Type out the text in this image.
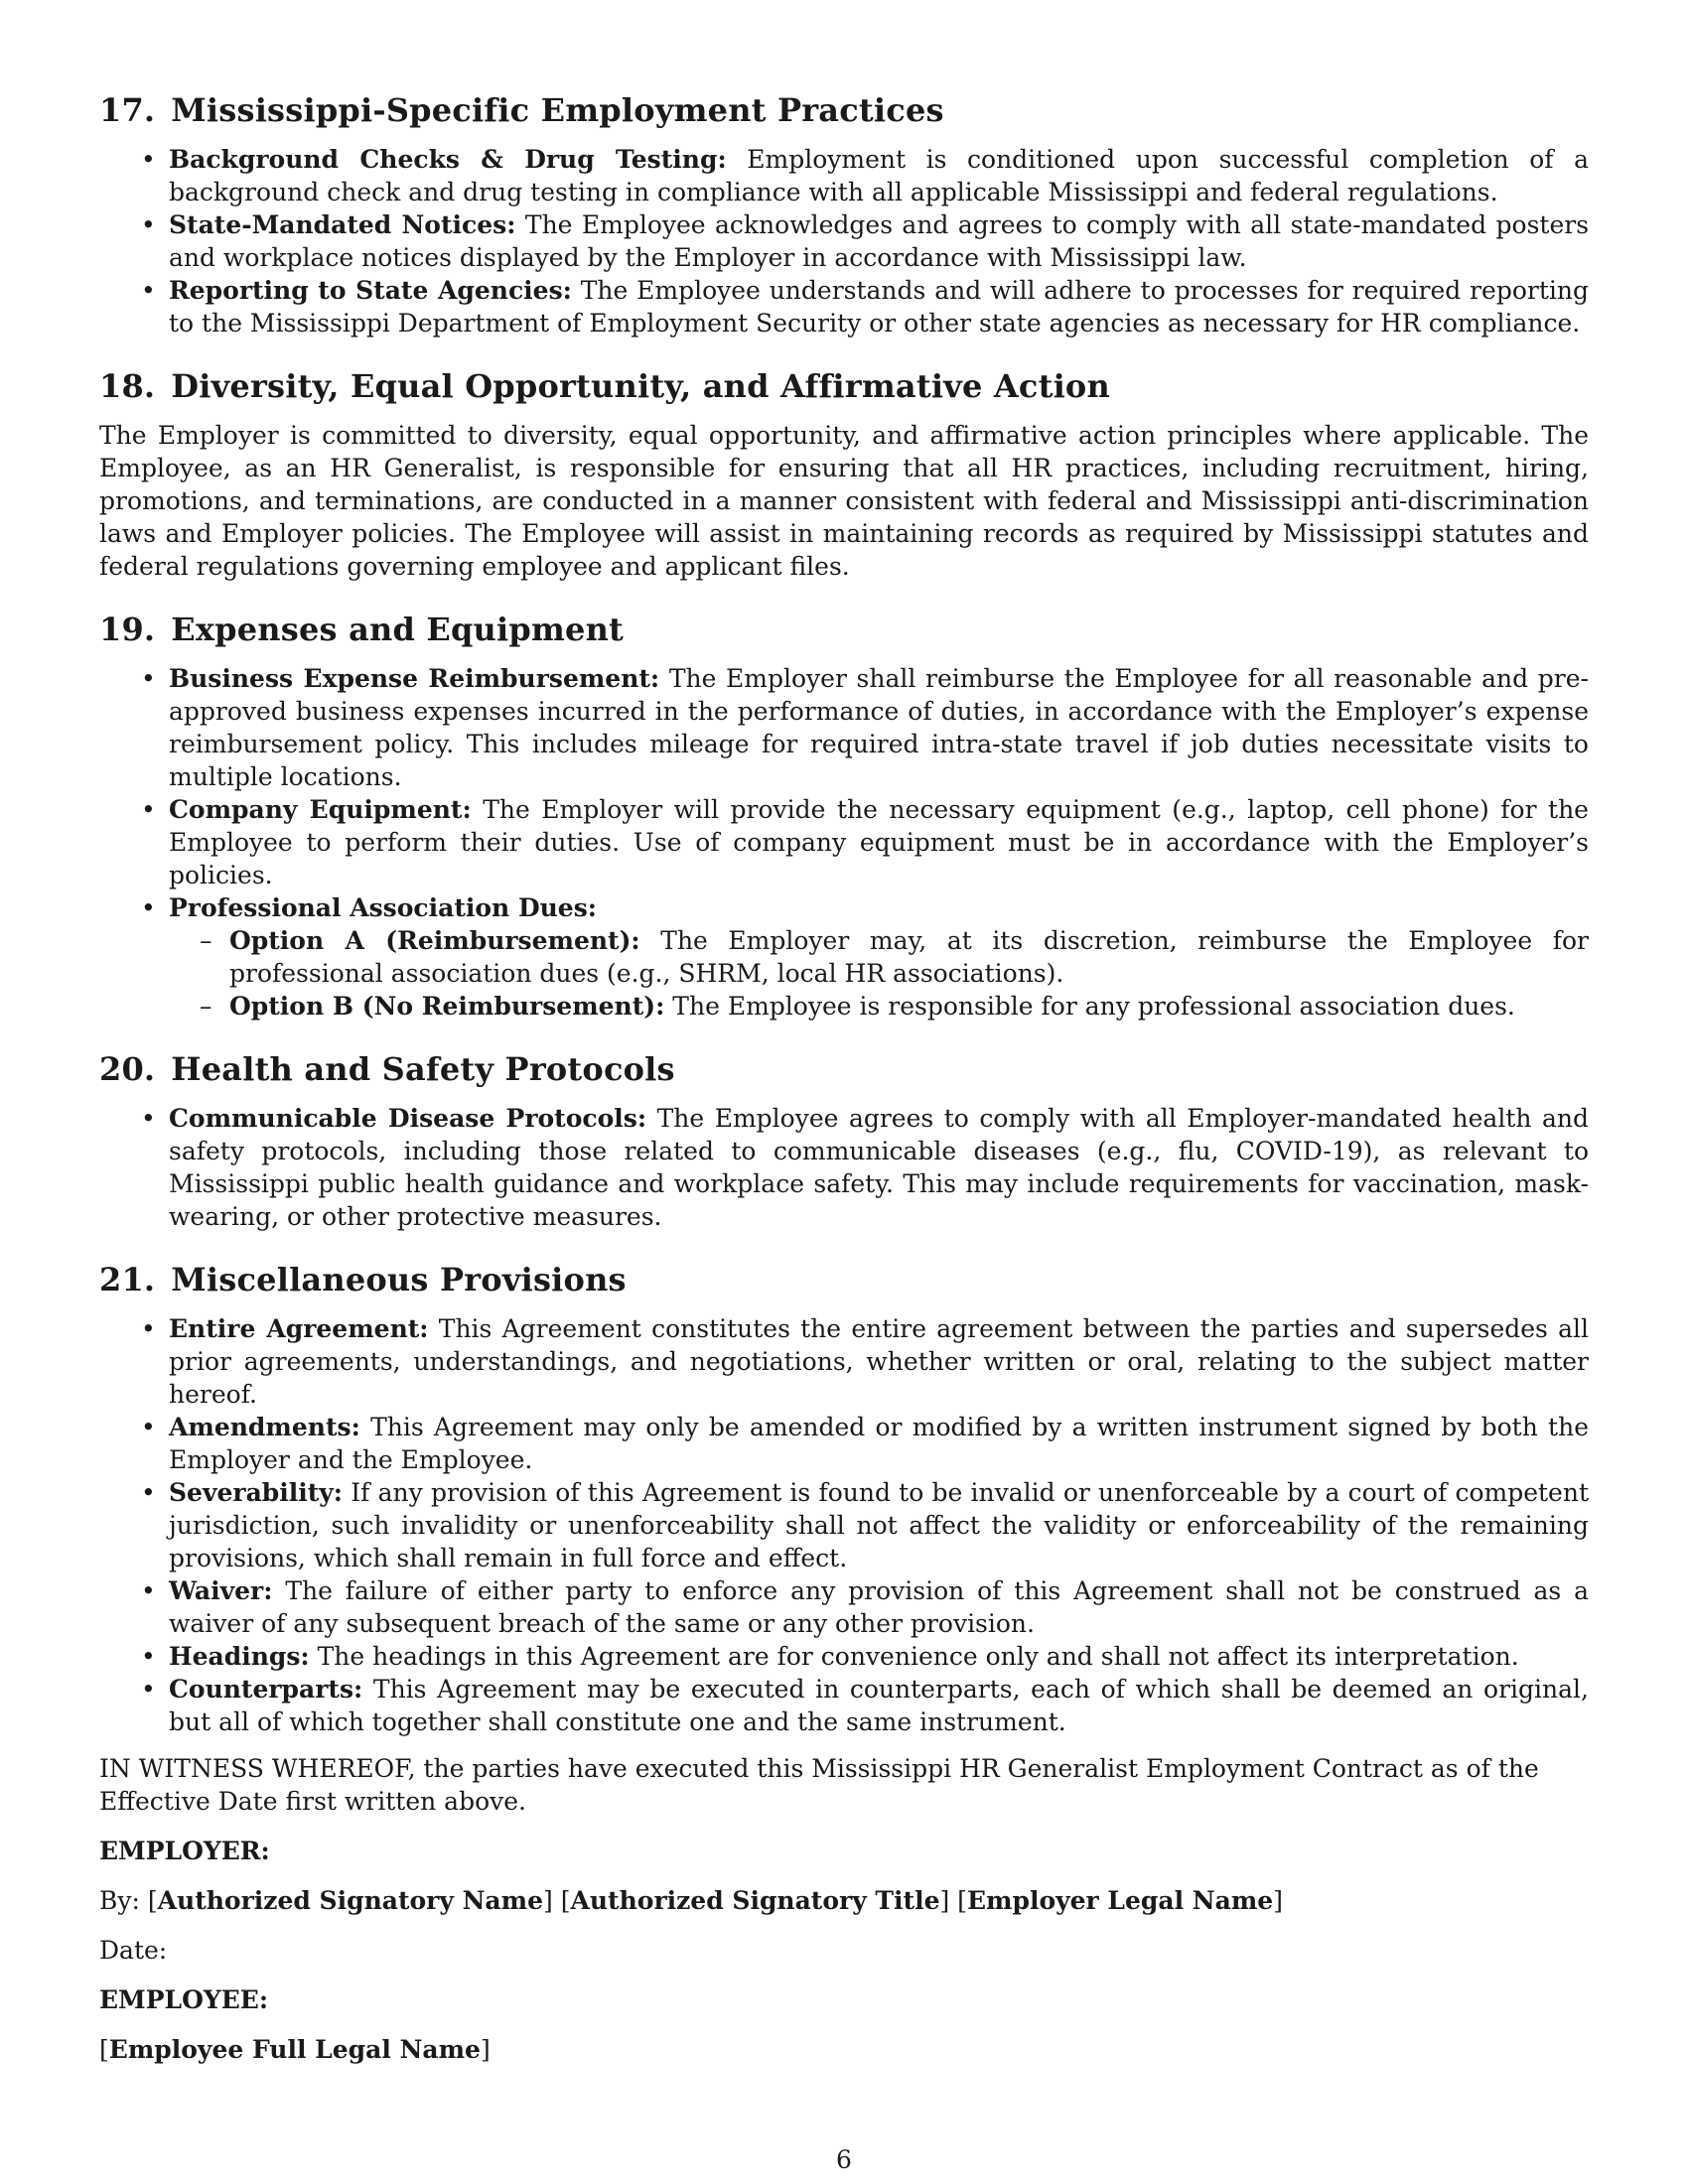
17. Mississippi-Specific Employment Practices
• Background Checks & Drug Testing: Employment is conditioned upon successful completion of a background check and drug testing in compliance with all applicable Mississippi and federal regulations.
• State-Mandated Notices: The Employee acknowledges and agrees to comply with all state-mandated posters and workplace notices displayed by the Employer in accordance with Mississippi law.
• Reporting to State Agencies: The Employee understands and will adhere to processes for required reporting to the Mississippi Department of Employment Security or other state agencies as necessary for HR compliance.
18. Diversity, Equal Opportunity, and Affirmative Action

The Employer is committed to diversity, equal opportunity, and affirmative action principles where applicable. The Employee, as an HR Generalist, is responsible for ensuring that all HR practices, including recruitment, hiring, promotions, and terminations, are conducted in a manner consistent with federal and Mississippi anti-discrimination laws and Employer policies. The Employee will assist in maintaining records as required by Mississippi statutes and federal regulations governing employee and applicant files.

19. Expenses and Equipment
• Business Expense Reimbursement: The Employer shall reimburse the Employee for all reasonable and pre-approved business expenses incurred in the performance of duties, in accordance with the Employer’s expense reimbursement policy. This includes mileage for required intra-state travel if job duties necessitate visits to multiple locations.
• Company Equipment: The Employer will provide the necessary equipment (e.g., laptop, cell phone) for the Employee to perform their duties. Use of company equipment must be in accordance with the Employer’s policies.
• Professional Association Dues:
– Option A (Reimbursement): The Employer may, at its discretion, reimburse the Employee for professional association dues (e.g., SHRM, local HR associations).
– Option B (No Reimbursement): The Employee is responsible for any professional association dues.
20. Health and Safety Protocols
• Communicable Disease Protocols: The Employee agrees to comply with all Employer-mandated health and safety protocols, including those related to communicable diseases (e.g., flu, COVID-19), as relevant to Mississippi public health guidance and workplace safety. This may include requirements for vaccination, mask-wearing, or other protective measures.
21. Miscellaneous Provisions
• Entire Agreement: This Agreement constitutes the entire agreement between the parties and supersedes all prior agreements, understandings, and negotiations, whether written or oral, relating to the subject matter hereof.
• Amendments: This Agreement may only be amended or modified by a written instrument signed by both the Employer and the Employee.
• Severability: If any provision of this Agreement is found to be invalid or unenforceable by a court of competent jurisdiction, such invalidity or unenforceability shall not affect the validity or enforceability of the remaining provisions, which shall remain in full force and effect.
• Waiver: The failure of either party to enforce any provision of this Agreement shall not be construed as a waiver of any subsequent breach of the same or any other provision.
• Headings: The headings in this Agreement are for convenience only and shall not affect its interpretation.
• Counterparts: This Agreement may be executed in counterparts, each of which shall be deemed an original, but all of which together shall constitute one and the same instrument.

IN WITNESS WHEREOF, the parties have executed this Mississippi HR Generalist Employment Contract as of the Effective Date first written above.

EMPLOYER:

By: [Authorized Signatory Name] [Authorized Signatory Title] [Employer Legal Name]

Date:

EMPLOYEE:

[Employee Full Legal Name]

6
